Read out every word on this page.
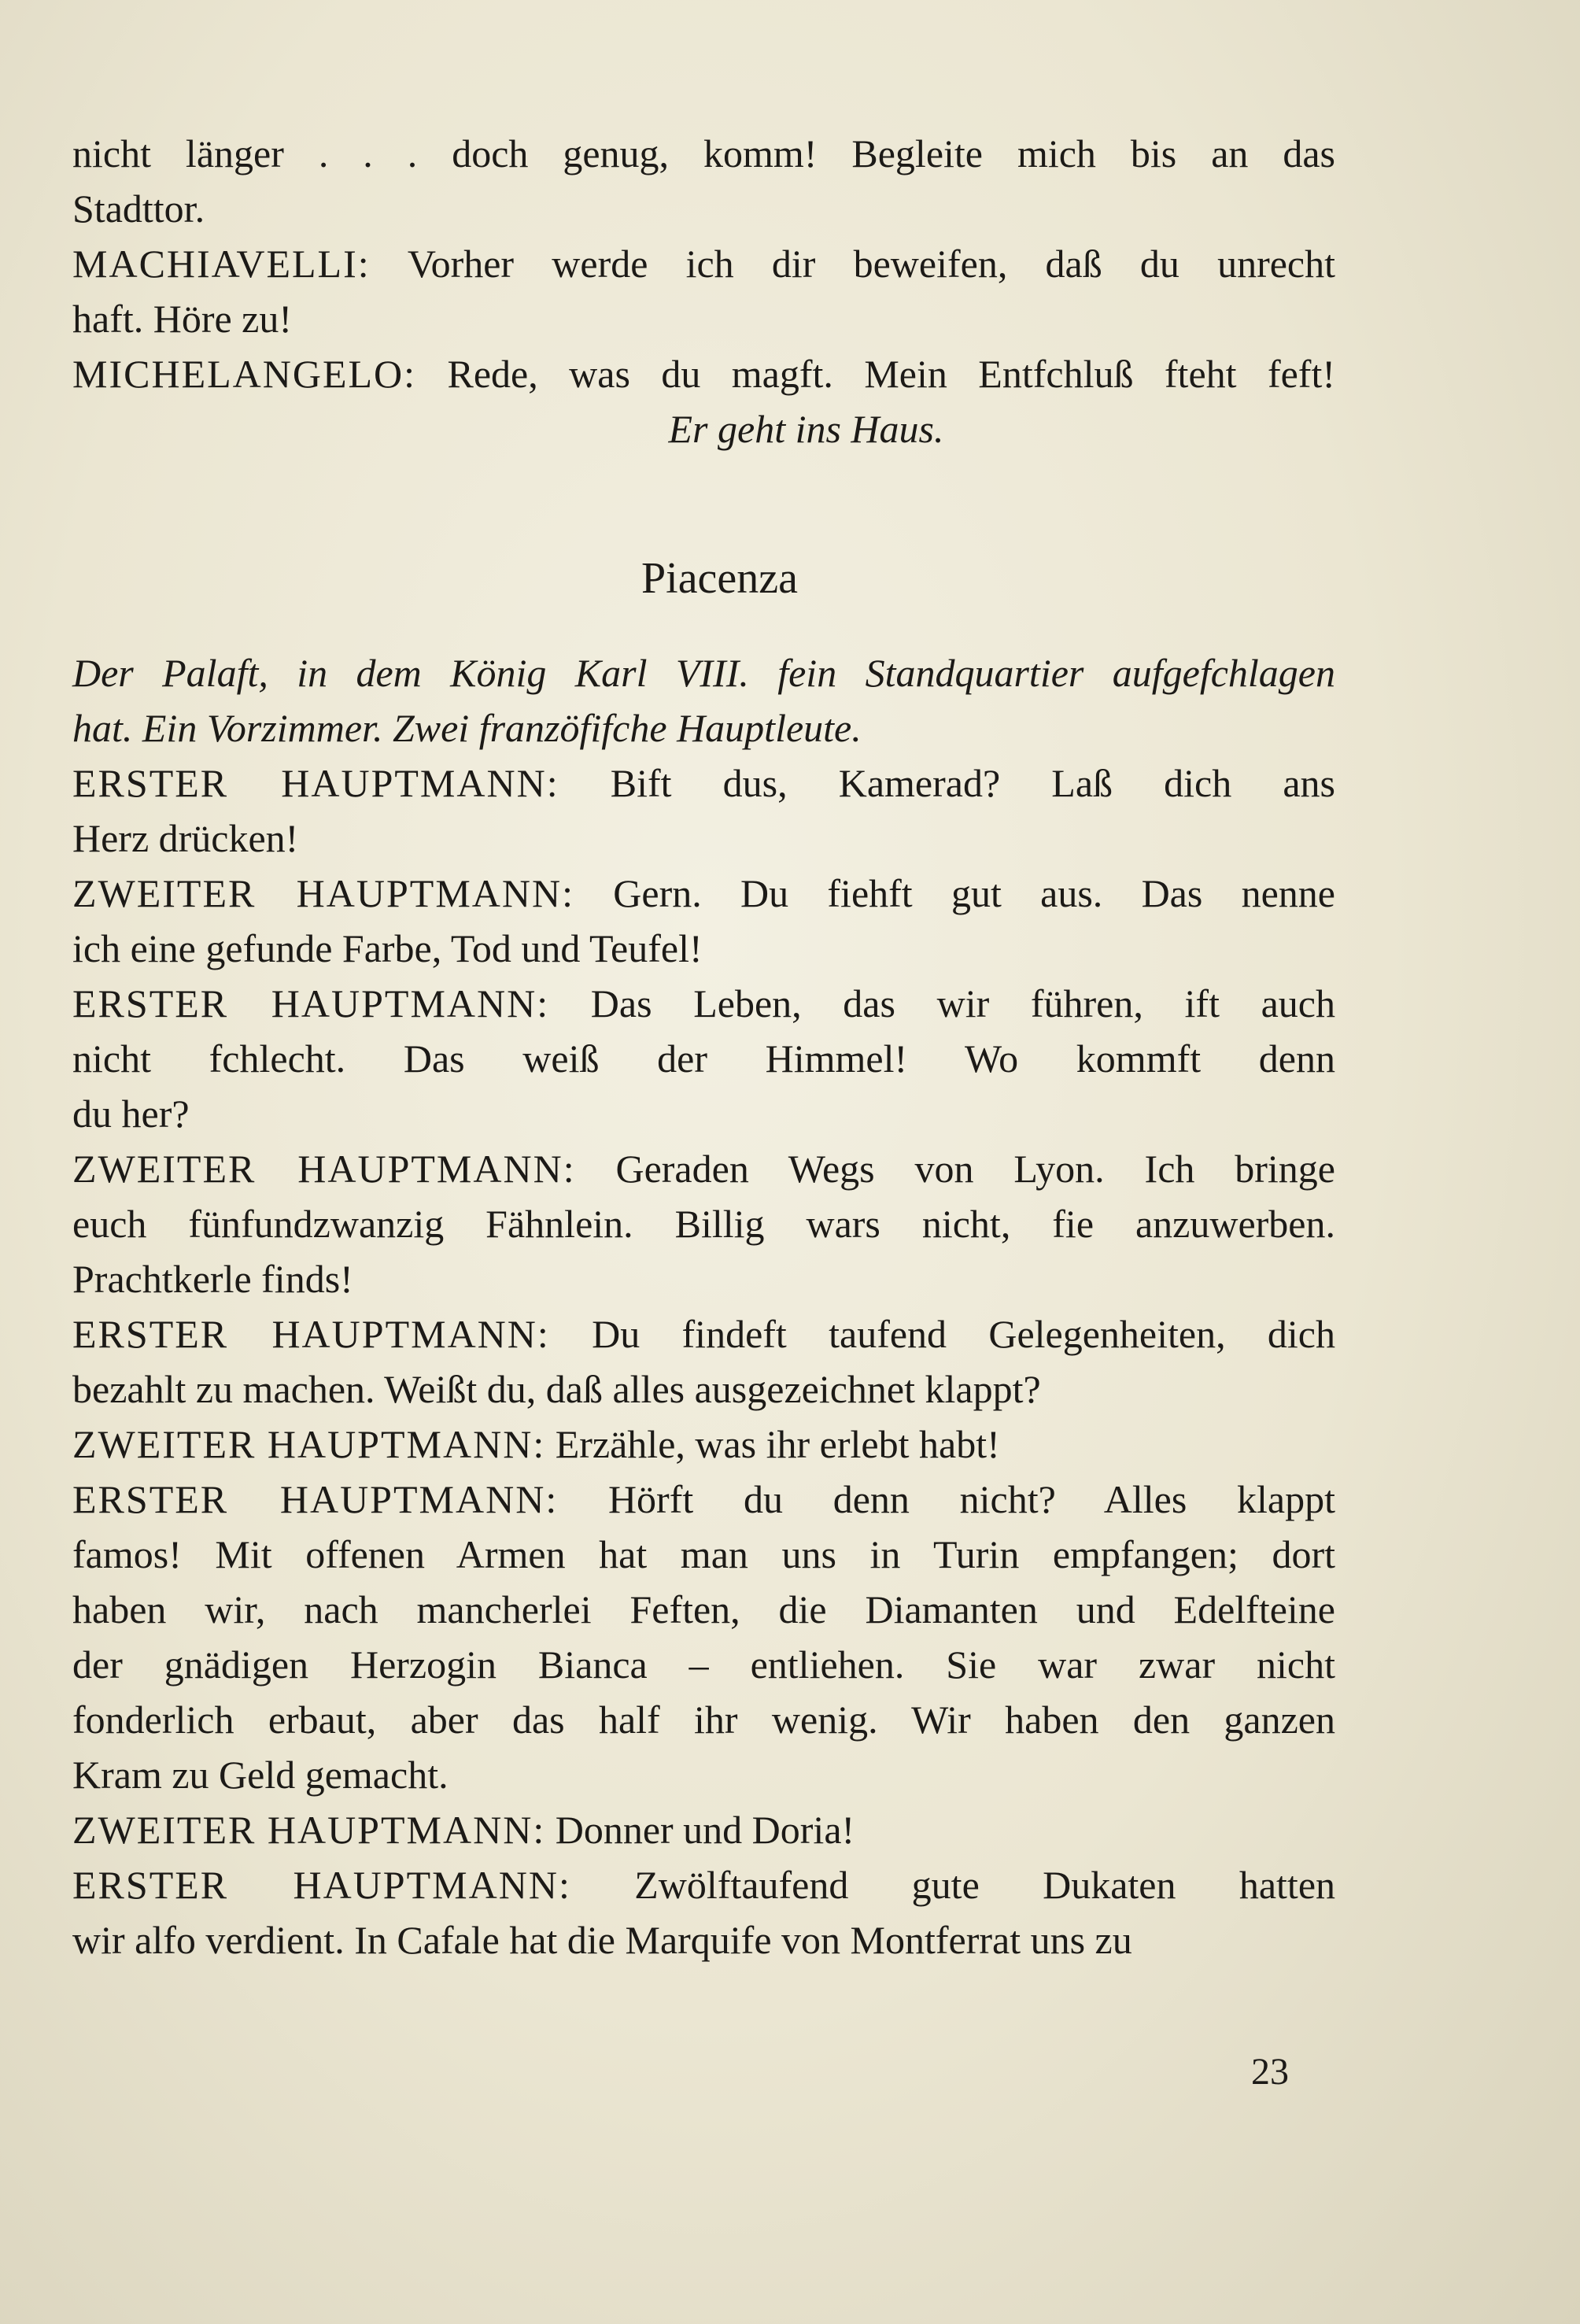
nicht länger . . . doch genug, komm! Begleite mich bis an das
Stadttor.
MACHIAVELLI: Vorher werde ich dir beweifen, daß du unrecht
haft. Höre zu!
MICHELANGELO: Rede, was du magft. Mein Entfchluß fteht feft!
Er geht ins Haus.
Piacenza
Der Palaft, in dem König Karl VIII. fein Standquartier aufgefchlagen
hat. Ein Vorzimmer. Zwei franzöfifche Hauptleute.
ERSTER HAUPTMANN: Bift dus, Kamerad? Laß dich ans
Herz drücken!
ZWEITER HAUPTMANN: Gern. Du fiehft gut aus. Das nenne
ich eine gefunde Farbe, Tod und Teufel!
ERSTER HAUPTMANN: Das Leben, das wir führen, ift auch
nicht fchlecht. Das weiß der Himmel! Wo kommft denn
du her?
ZWEITER HAUPTMANN: Geraden Wegs von Lyon. Ich bringe
euch fünfundzwanzig Fähnlein. Billig wars nicht, fie anzuwerben.
Prachtkerle finds!
ERSTER HAUPTMANN: Du findeft taufend Gelegenheiten, dich
bezahlt zu machen. Weißt du, daß alles ausgezeichnet klappt?
ZWEITER HAUPTMANN: Erzähle, was ihr erlebt habt!
ERSTER HAUPTMANN: Hörft du denn nicht? Alles klappt
famos! Mit offenen Armen hat man uns in Turin empfangen; dort
haben wir, nach mancherlei Feften, die Diamanten und Edelfteine
der gnädigen Herzogin Bianca – entliehen. Sie war zwar nicht
fonderlich erbaut, aber das half ihr wenig. Wir haben den ganzen
Kram zu Geld gemacht.
ZWEITER HAUPTMANN: Donner und Doria!
ERSTER HAUPTMANN: Zwölftaufend gute Dukaten hatten
wir alfo verdient. In Cafale hat die Marquife von Montferrat uns zu
23
